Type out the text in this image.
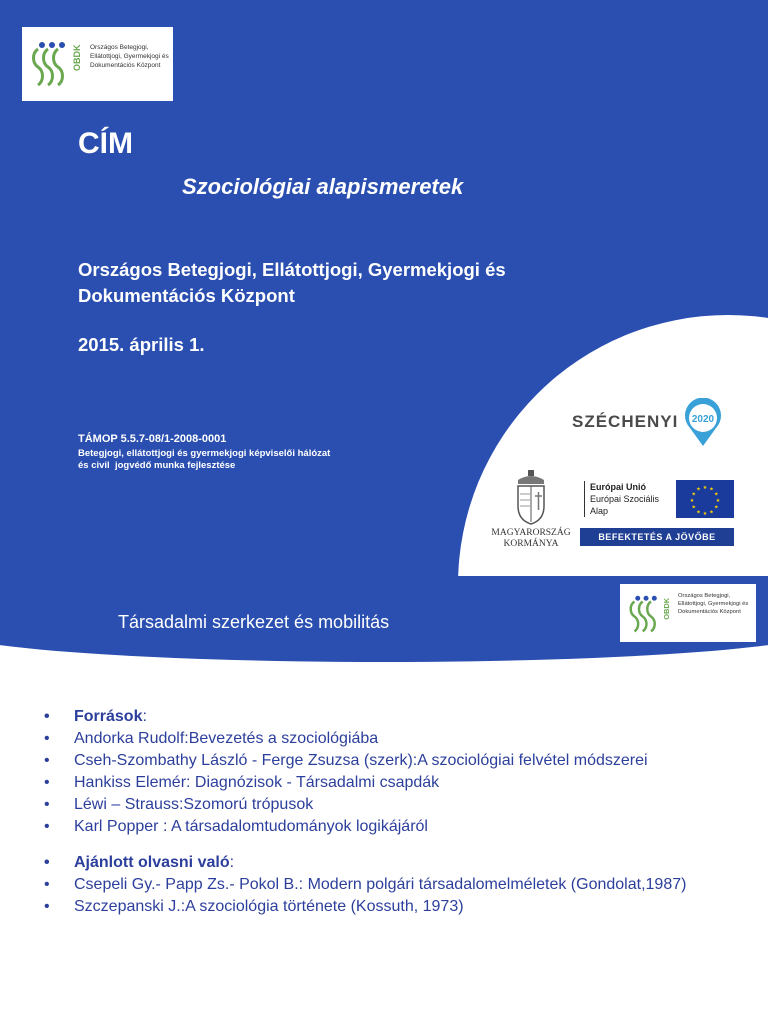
OBDK Országos Betegjogi, Ellátottjogi, Gyermekjogi és Dokumentációs Központ
CÍM
Szociológiai alapismeretek
Országos Betegjogi, Ellátottjogi, Gyermekjogi és Dokumentációs Központ
2015. április 1.
TÁMOP 5.5.7-08/1-2008-0001
Betegjogi, ellátottjogi és gyermekjogi képviselői hálózat
és civil  jogvédő munka fejlesztése
SZÉCHENYI 2020
MAGYARORSZÁG
KORMÁNYA
Európai Unió
Európai Szociális
Alap
★ ★
★
★
★
★
★
★
★
★
★
★
BEFEKTETÉS A JÖVŐBE
Társadalmi szerkezet és mobilitás
OBDK
Országos Betegjogi, Ellátottjogi, Gyermekjogi és Dokumentációs Központ
• Források:
• Andorka Rudolf:Bevezetés a szociológiába
• Cseh-Szombathy László - Ferge Zsuzsa (szerk):A szociológiai felvétel módszerei
• Hankiss Elemér: Diagnózisok - Társadalmi csapdák
• Léwi – Strauss:Szomorú trópusok
• Karl Popper : A társadalomtudományok logikájáról
• Ajánlott olvasni való:
• Csepeli Gy.- Papp Zs.- Pokol B.: Modern polgári társadalomelméletek (Gondolat,1987)
• Szczepanski J.:A szociológia története (Kossuth, 1973)
